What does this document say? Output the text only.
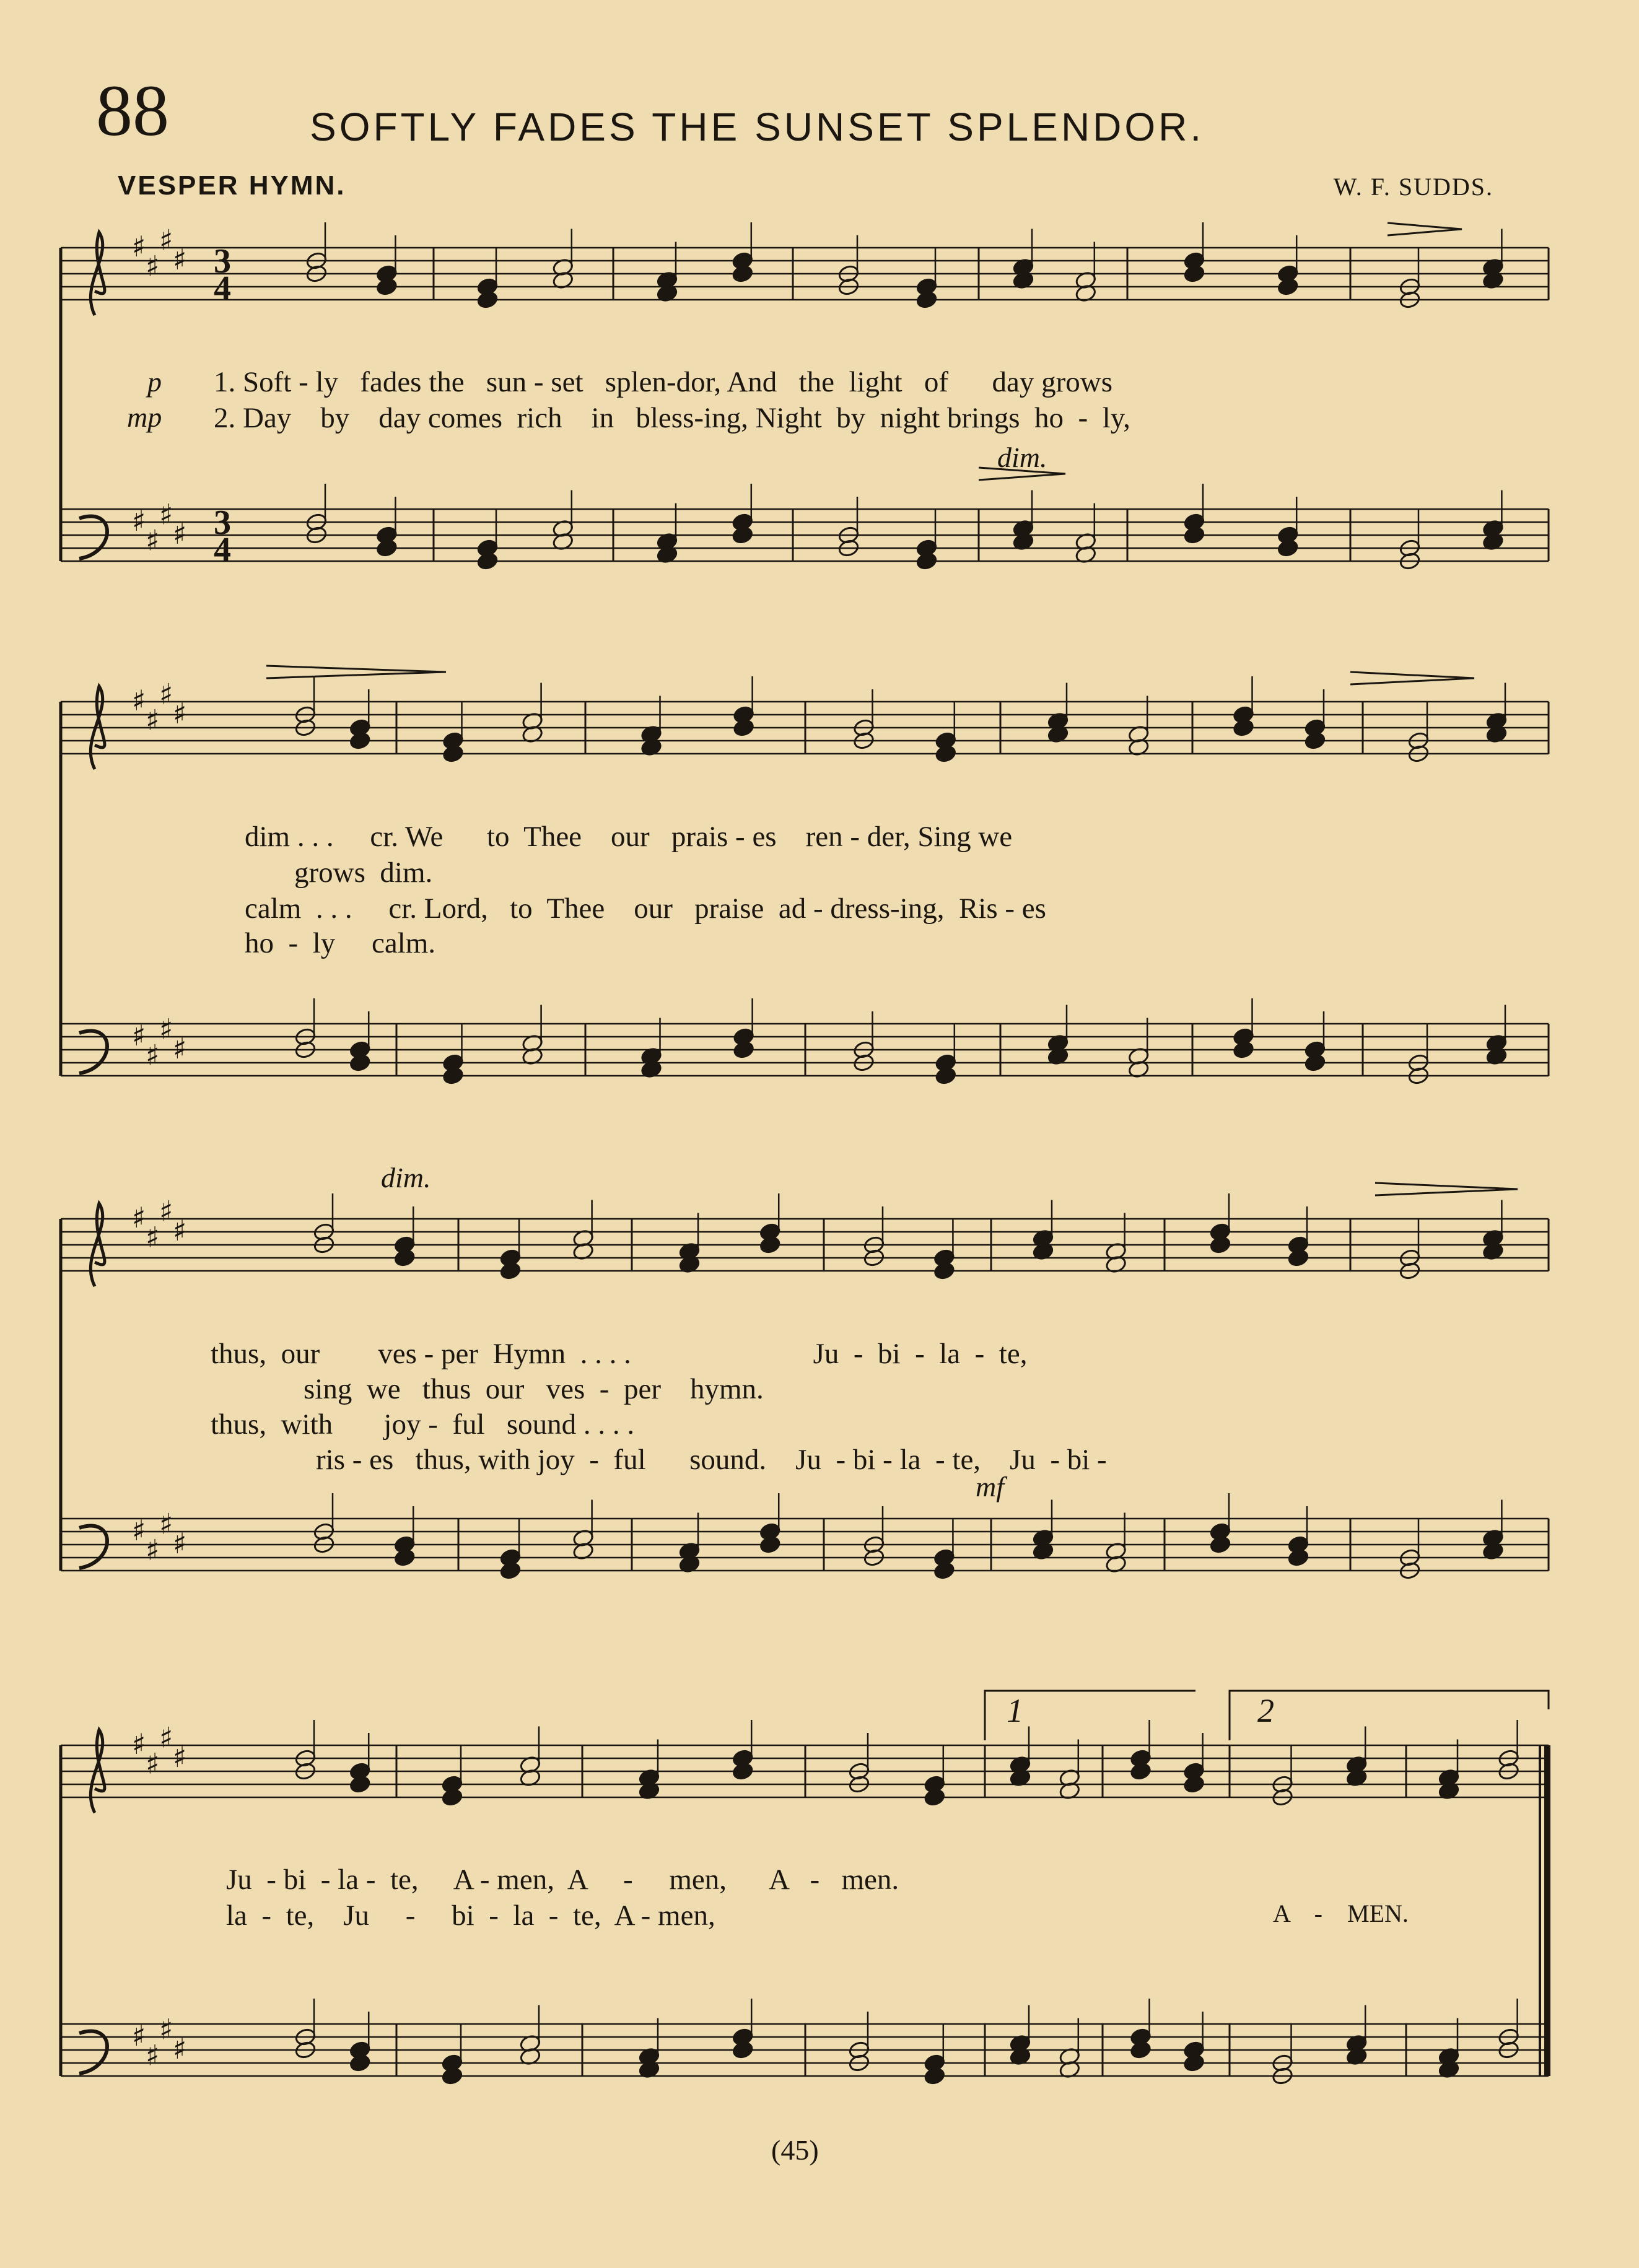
88	SOFTLY FADES THE SUNSET SPLENDOR.
VESPER HYMN.	W. F. SUDDS.
♯
♯
♯
♯
♯
♯
♯
♯
3
4
3
4
♯
♯
♯
♯
♯
♯
♯
♯
♯
♯
♯
♯
♯
♯
♯
♯
♯
♯
♯
♯
♯
♯
♯
♯
1	2
p 1. Soft - ly   fades the   sun - set   splen-dor, And   the  light   of      day grows
mp 2. Day    by    day comes  rich    in   bless-ing, Night  by  night brings  ho  -  ly,
dim.
dim . . .     cr. We      to  Thee    our   prais - es    ren - der, Sing we
grows  dim.
calm  . . .     cr. Lord,   to  Thee    our   praise  ad - dress-ing,  Ris - es
ho  -  ly     calm.
dim.
thus,  our        ves - per  Hymn  . . . .                         Ju  -  bi  -  la  -  te,
sing  we   thus  our   ves  -  per    hymn.
thus,  with       joy -  ful   sound . . . .
ris - es   thus, with joy  -  ful      sound.    Ju  - bi - la  - te,    Ju  - bi -
mf
Ju  - bi  - la -  te,     A - men,  A     -     men,      A   -   men.
la  -  te,    Ju     -     bi  -  la  -  te,  A - men,	A    -    MEN.
(45)
